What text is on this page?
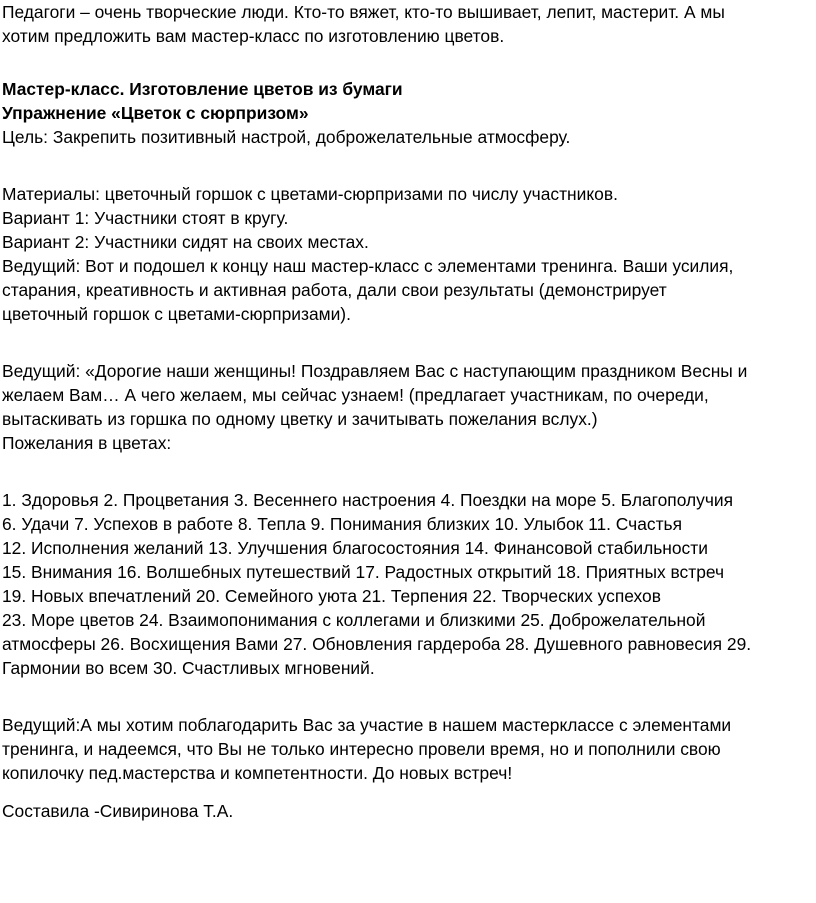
Педагоги – очень творческие люди. Кто-то вяжет, кто-то вышивает, лепит, мастерит. А мы
хотим предложить вам мастер-класс по изготовлению цветов.
Мастер-класс. Изготовление цветов из бумаги
Упражнение «Цветок с сюрпризом»
Цель: Закрепить позитивный настрой, доброжелательные атмосферу.
Материалы: цветочный горшок с цветами-сюрпризами по числу участников.
Вариант 1: Участники стоят в кругу.
Вариант 2: Участники сидят на своих местах.
Ведущий: Вот и подошел к концу наш мастер-класс с элементами тренинга. Ваши усилия,
старания, креативность и активная работа, дали свои результаты (демонстрирует
цветочный горшок с цветами-сюрпризами).
Ведущий: «Дорогие наши женщины! Поздравляем Вас с наступающим праздником Весны и
желаем Вам… А чего желаем, мы сейчас узнаем! (предлагает участникам, по очереди,
вытаскивать из горшка по одному цветку и зачитывать пожелания вслух.)
Пожелания в цветах:
1. Здоровья 2. Процветания 3. Весеннего настроения 4. Поездки на море 5. Благополучия
6. Удачи 7. Успехов в работе 8. Тепла 9. Понимания близких 10. Улыбок 11. Счастья
12. Исполнения желаний 13. Улучшения благосостояния 14. Финансовой стабильности
15. Внимания 16. Волшебных путешествий 17. Радостных открытий 18. Приятных встреч
19. Новых впечатлений 20. Семейного уюта 21. Терпения 22. Творческих успехов
23. Море цветов 24. Взаимопонимания с коллегами и близкими 25. Доброжелательной
атмосферы 26. Восхищения Вами 27. Обновления гардероба 28. Душевного равновесия 29.
Гармонии во всем 30. Счастливых мгновений.
Ведущий:А мы хотим поблагодарить Вас за участие в нашем мастерклассе с элементами
тренинга, и надеемся, что Вы не только интересно провели время, но и пополнили свою
копилочку пед.мастерства и компетентности. До новых встреч!
Составила -Сивиринова Т.А.
